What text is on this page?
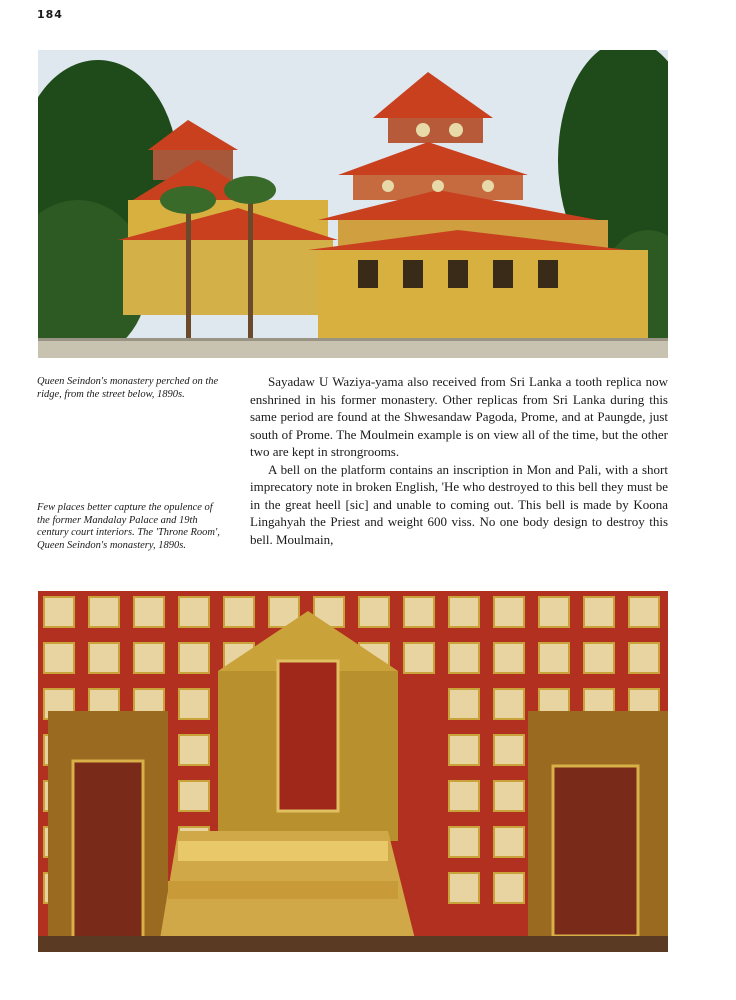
184
Queen Seindon's monastery perched on the ridge, from the street below, 1890s.
Few places better capture the opulence of the former Mandalay Palace and 19th century court interiors. The 'Throne Room', Queen Seindon's monastery, 1890s.

Sayadaw U Waziya-yama also received from Sri Lanka a tooth replica now enshrined in his former monastery. Other replicas from Sri Lanka during this same period are found at the Shwesandaw Pagoda, Prome, and at Paungde, just south of Prome. The Moulmein example is on view all of the time, but the other two are kept in strongrooms.

A bell on the platform contains an inscription in Mon and Pali, with a short imprecatory note in broken English, 'He who destroyed to this bell they must be in the great heell [sic] and unable to coming out. This bell is made by Koona Lingahyah the Priest and weight 600 viss. No one body design to destroy this bell. Moulmain,
